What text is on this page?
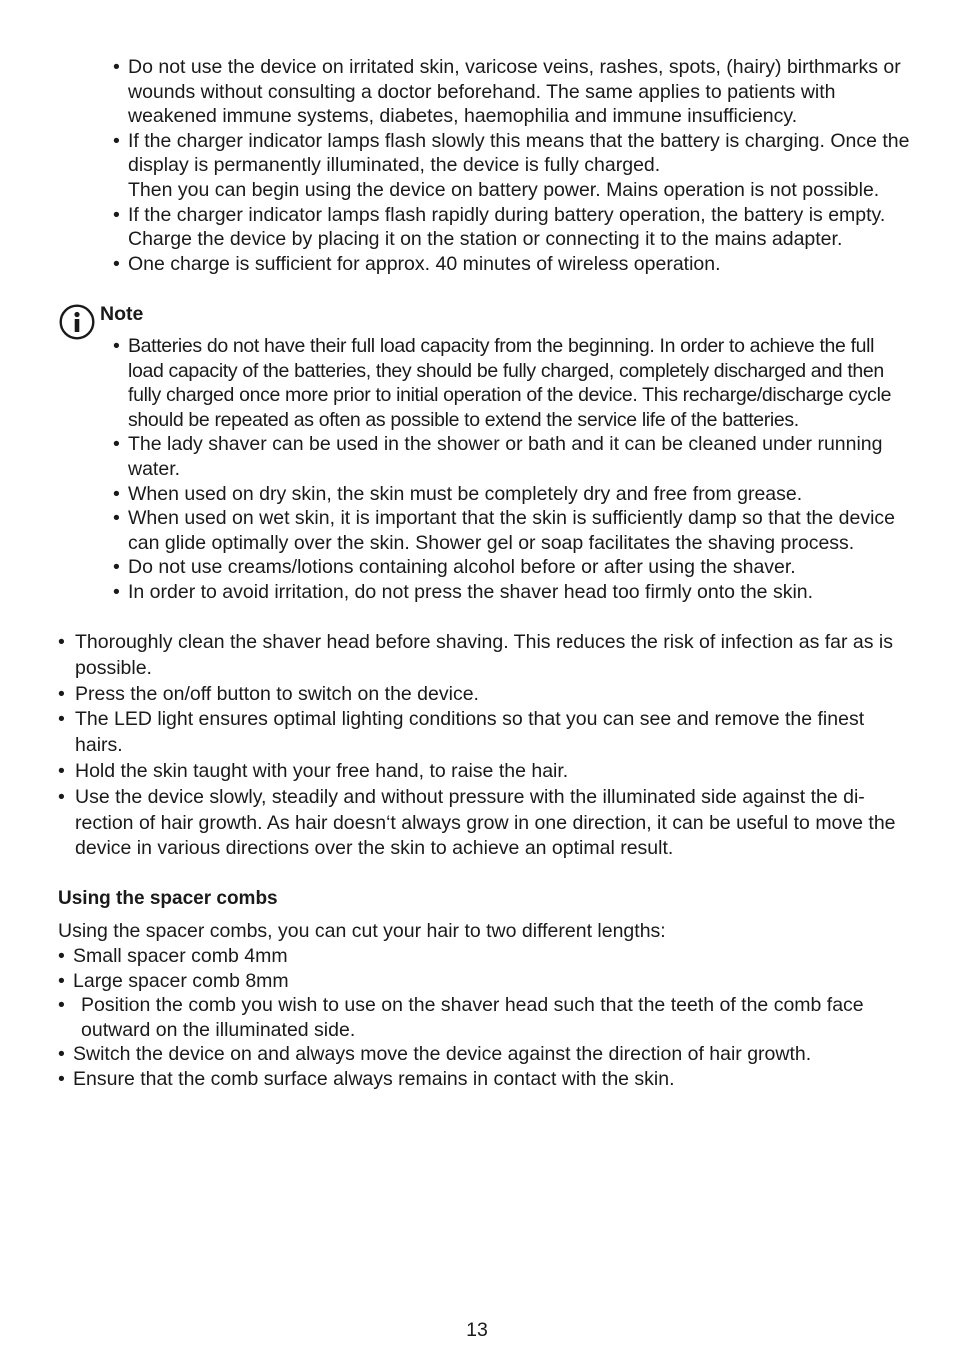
• Do not use the device on irritated skin, varicose veins, rashes, spots, (hairy) birthmarks or wounds without consulting a doctor beforehand. The same applies to patients with weakened immune systems, diabetes, haemophilia and immune insufficiency.
• If the charger indicator lamps flash slowly this means that the battery is charging. Once the display is permanently illuminated, the device is fully charged.
Then you can begin using the device on battery power. Mains operation is not possible.
• If the charger indicator lamps flash rapidly during battery operation, the battery is empty. Charge the device by placing it on the station or connecting it to the mains adapter.
• One charge is sufficient for approx. 40 minutes of wireless operation.
Note
• Batteries do not have their full load capacity from the beginning. In order to achieve the full load capacity of the batteries, they should be fully charged, completely discharged and then fully charged once more prior to initial operation of the device. This recharge/discharge cycle should be repeated as often as possible to extend the service life of the batteries.
• The lady shaver can be used in the shower or bath and it can be cleaned under running water.
• When used on dry skin, the skin must be completely dry and free from grease.
• When used on wet skin, it is important that the skin is sufficiently damp so that the device can glide optimally over the skin. Shower gel or soap facilitates the shaving process.
• Do not use creams/lotions containing alcohol before or after using the shaver.
• In order to avoid irritation, do not press the shaver head too firmly onto the skin.
• Thoroughly clean the shaver head before shaving. This reduces the risk of infection as far as is possible.
• Press the on/off button to switch on the device.
• The LED light ensures optimal lighting conditions so that you can see and remove the finest hairs.
• Hold the skin taught with your free hand, to raise the hair.
• Use the device slowly, steadily and without pressure with the illuminated side against the di-rection of hair growth. As hair doesn‘t always grow in one direction, it can be useful to move the device in various directions over the skin to achieve an optimal result.
Using the spacer combs
Using the spacer combs, you can cut your hair to two different lengths:
• Small spacer comb 4mm
• Large spacer comb 8mm
• Position the comb you wish to use on the shaver head such that the teeth of the comb face outward on the illuminated side.
• Switch the device on and always move the device against the direction of hair growth.
• Ensure that the comb surface always remains in contact with the skin.
13
